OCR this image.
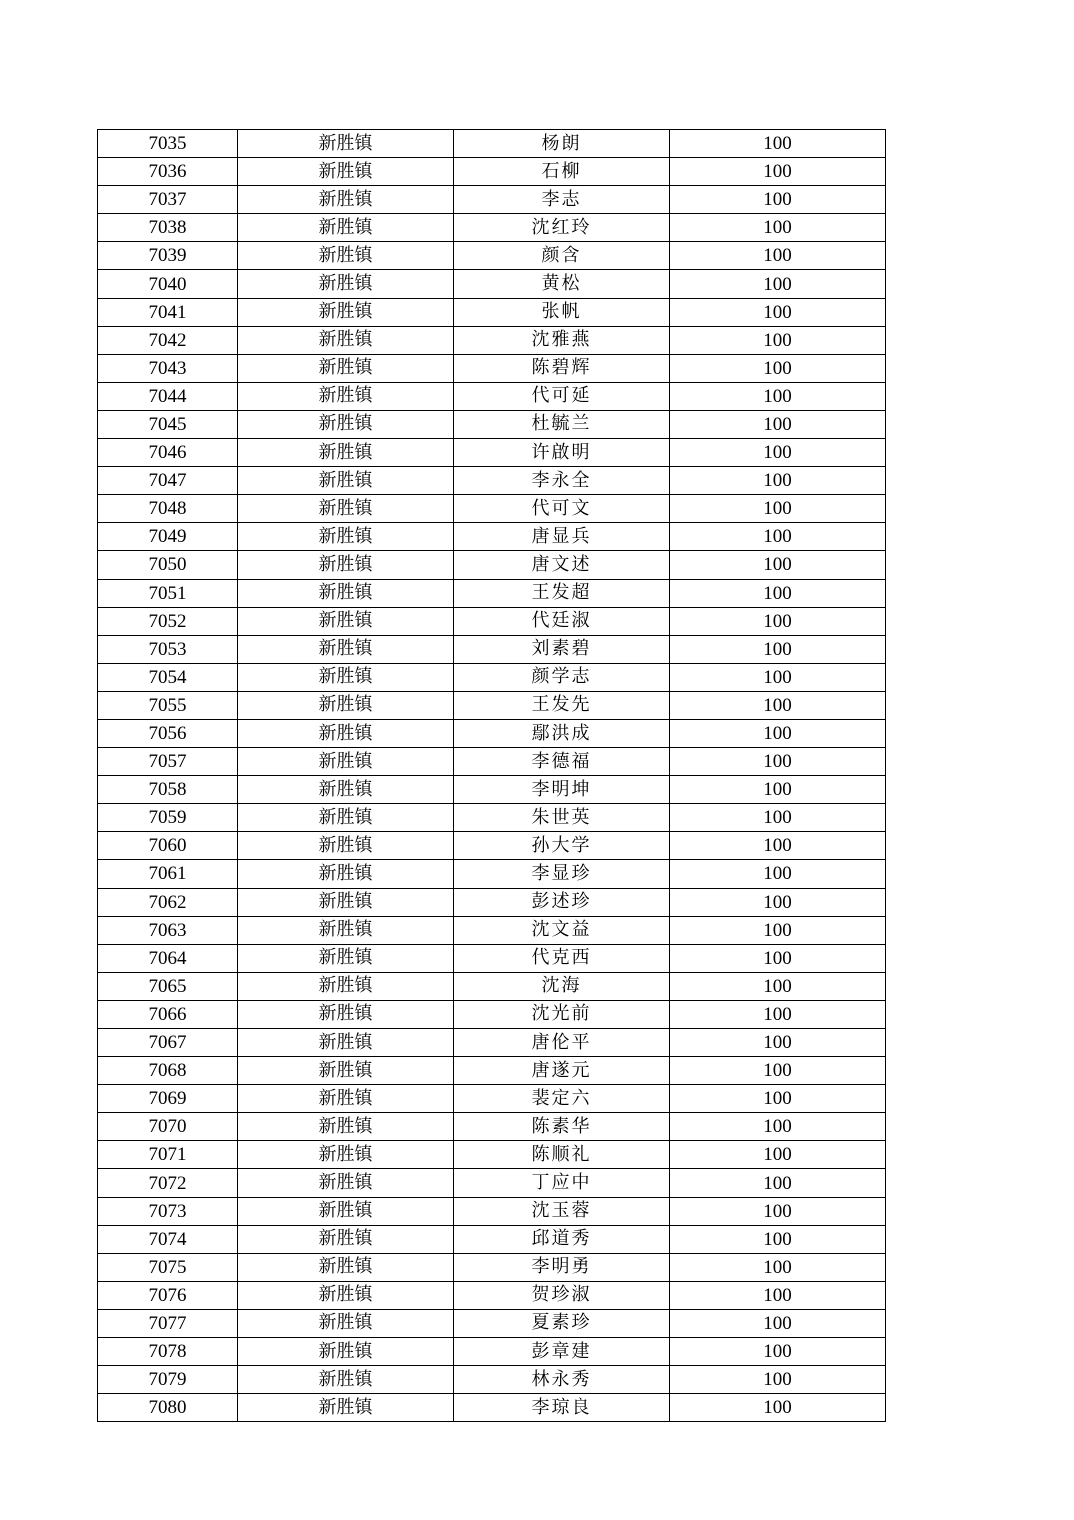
7035	新胜镇	杨朗	100
7036	新胜镇	石柳	100
7037	新胜镇	李志	100
7038	新胜镇	沈红玲	100
7039	新胜镇	颜含	100
7040	新胜镇	黄松	100
7041	新胜镇	张帆	100
7042	新胜镇	沈雅燕	100
7043	新胜镇	陈碧辉	100
7044	新胜镇	代可延	100
7045	新胜镇	杜毓兰	100
7046	新胜镇	许啟明	100
7047	新胜镇	李永全	100
7048	新胜镇	代可文	100
7049	新胜镇	唐显兵	100
7050	新胜镇	唐文述	100
7051	新胜镇	王发超	100
7052	新胜镇	代廷淑	100
7053	新胜镇	刘素碧	100
7054	新胜镇	颜学志	100
7055	新胜镇	王发先	100
7056	新胜镇	鄢洪成	100
7057	新胜镇	李德福	100
7058	新胜镇	李明坤	100
7059	新胜镇	朱世英	100
7060	新胜镇	孙大学	100
7061	新胜镇	李显珍	100
7062	新胜镇	彭述珍	100
7063	新胜镇	沈文益	100
7064	新胜镇	代克西	100
7065	新胜镇	沈海	100
7066	新胜镇	沈光前	100
7067	新胜镇	唐伦平	100
7068	新胜镇	唐遂元	100
7069	新胜镇	裴定六	100
7070	新胜镇	陈素华	100
7071	新胜镇	陈顺礼	100
7072	新胜镇	丁应中	100
7073	新胜镇	沈玉蓉	100
7074	新胜镇	邱道秀	100
7075	新胜镇	李明勇	100
7076	新胜镇	贺珍淑	100
7077	新胜镇	夏素珍	100
7078	新胜镇	彭章建	100
7079	新胜镇	林永秀	100
7080	新胜镇	李琼良	100
